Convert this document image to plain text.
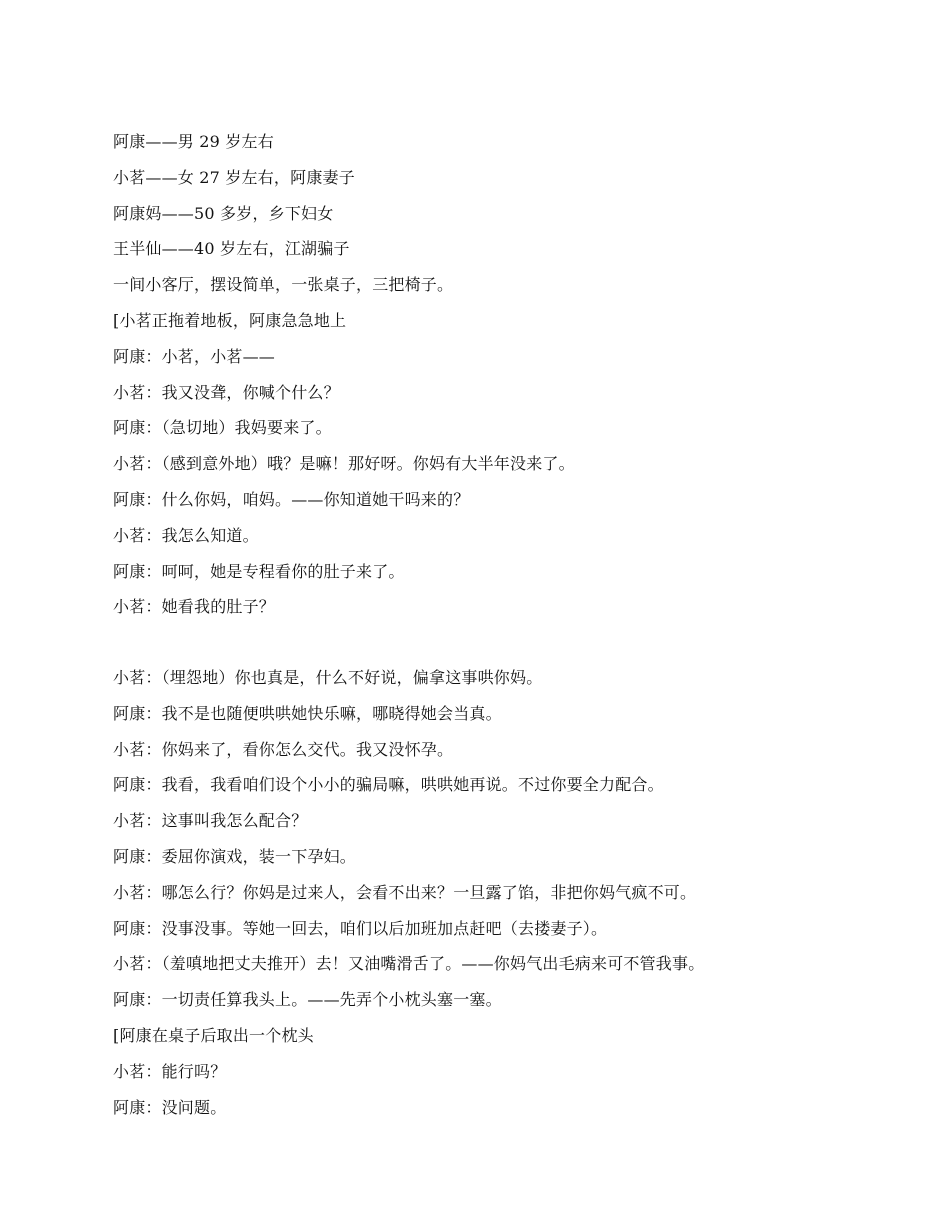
阿康——男 29 岁左右
小茗——女 27 岁左右，阿康妻子
阿康妈——50 多岁，乡下妇女
王半仙——40 岁左右，江湖骗子
一间小客厅，摆设简单，一张桌子，三把椅子。
[小茗正拖着地板，阿康急急地上
阿康：小茗，小茗——
小茗：我又没聋，你喊个什么？
阿康：（急切地）我妈要来了。
小茗：（感到意外地）哦？是嘛！那好呀。你妈有大半年没来了。
阿康：什么你妈，咱妈。——你知道她干吗来的？
小茗：我怎么知道。
阿康：呵呵，她是专程看你的肚子来了。
小茗：她看我的肚子？
小茗：（埋怨地）你也真是，什么不好说，偏拿这事哄你妈。
阿康：我不是也随便哄哄她快乐嘛，哪晓得她会当真。
小茗：你妈来了，看你怎么交代。我又没怀孕。
阿康：我看，我看咱们设个小小的骗局嘛，哄哄她再说。不过你要全力配合。
小茗：这事叫我怎么配合？
阿康：委屈你演戏，装一下孕妇。
小茗：哪怎么行？你妈是过来人，会看不出来？一旦露了馅，非把你妈气疯不可。
阿康：没事没事。等她一回去，咱们以后加班加点赶吧（去搂妻子）。
小茗：（羞嗔地把丈夫推开）去！又油嘴滑舌了。——你妈气出毛病来可不管我事。
阿康：一切责任算我头上。——先弄个小枕头塞一塞。
[阿康在桌子后取出一个枕头
小茗：能行吗？
阿康：没问题。
